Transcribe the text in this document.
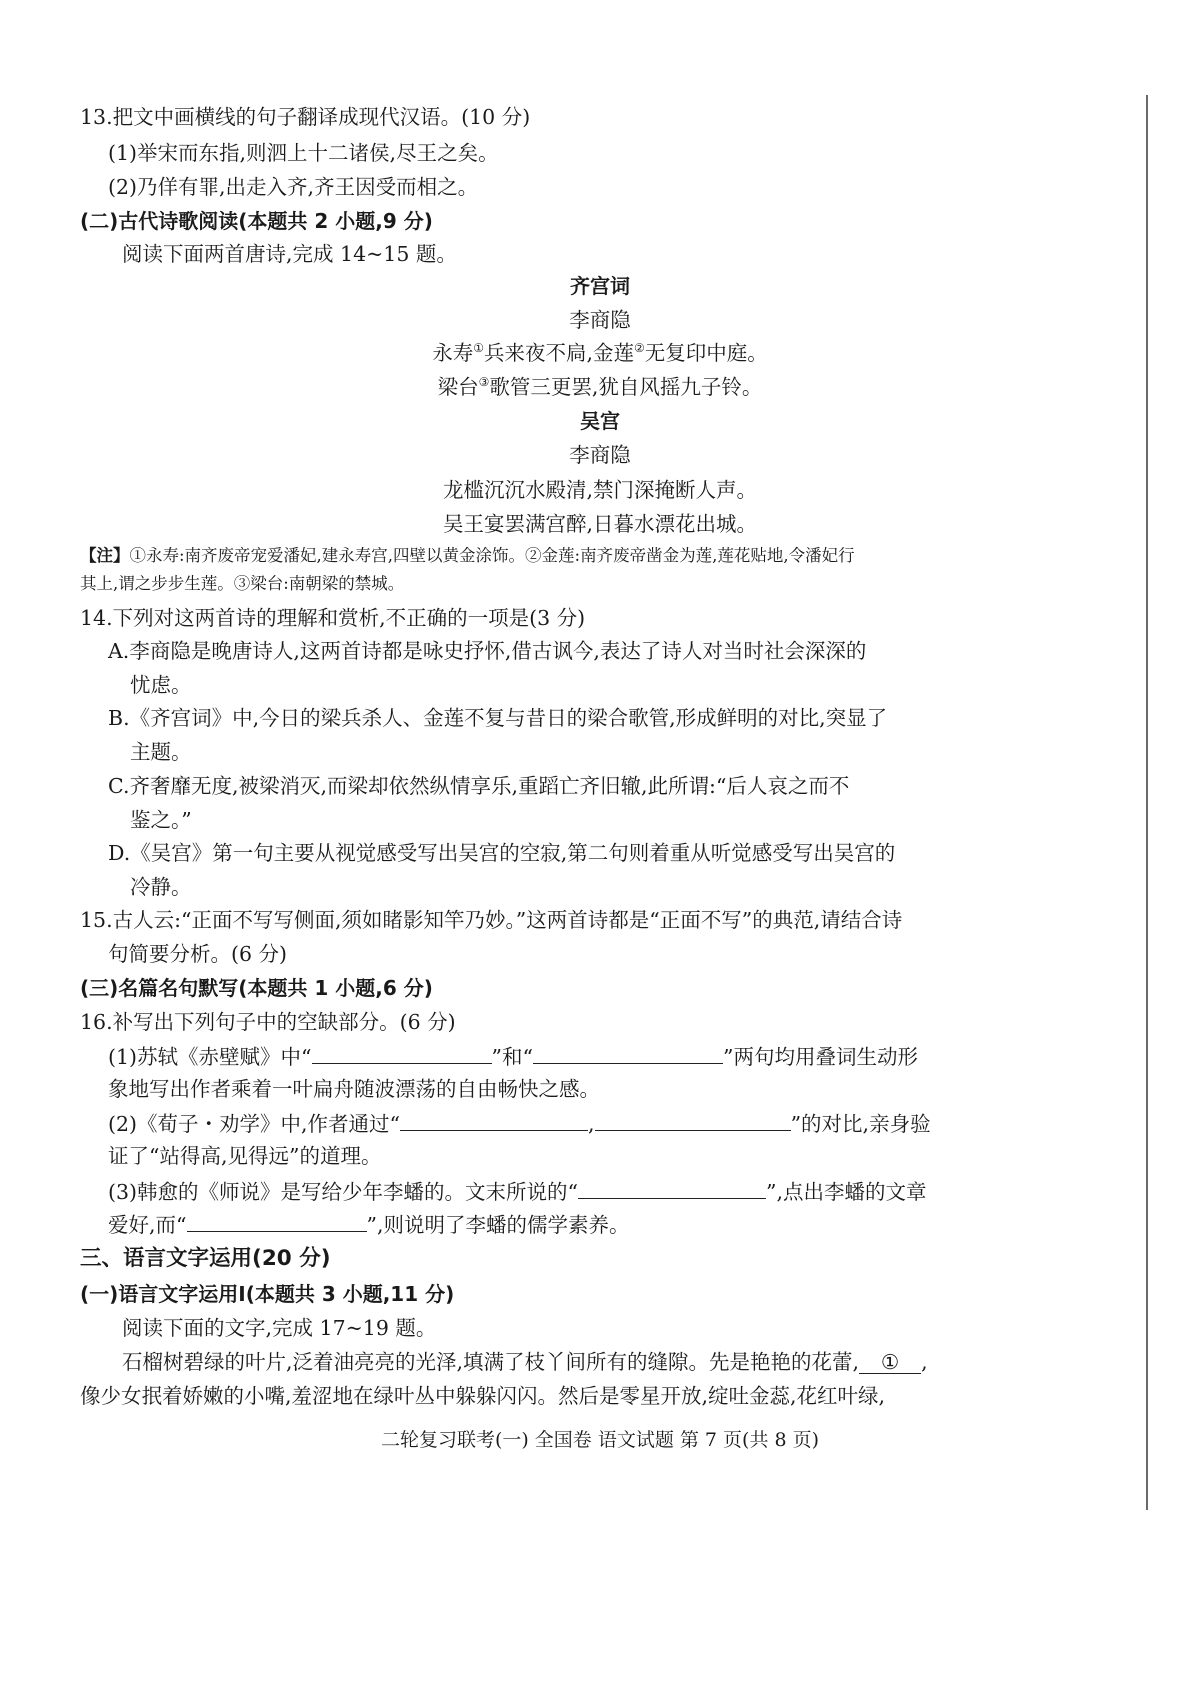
13.把文中画横线的句子翻译成现代汉语。(10 分)
(1)举宋而东指,则泗上十二诸侯,尽王之矣。
(2)乃佯有罪,出走入齐,齐王因受而相之。
(二)古代诗歌阅读(本题共 2 小题,9 分)
阅读下面两首唐诗,完成 14~15 题。
齐宫词
李商隐
永寿①兵来夜不扃,金莲②无复印中庭。
梁台③歌管三更罢,犹自风摇九子铃。
吴宫
李商隐
龙槛沉沉水殿清,禁门深掩断人声。
吴王宴罢满宫醉,日暮水漂花出城。
【注】①永寿:南齐废帝宠爱潘妃,建永寿宫,四壁以黄金涂饰。②金莲:南齐废帝凿金为莲,莲花贴地,令潘妃行
其上,谓之步步生莲。③梁台:南朝梁的禁城。
14.下列对这两首诗的理解和赏析,不正确的一项是(3 分)
A.李商隐是晚唐诗人,这两首诗都是咏史抒怀,借古讽今,表达了诗人对当时社会深深的
忧虑。
B.《齐宫词》中,今日的梁兵杀人、金莲不复与昔日的梁合歌管,形成鲜明的对比,突显了
主题。
C.齐奢靡无度,被梁消灭,而梁却依然纵情享乐,重蹈亡齐旧辙,此所谓:“后人哀之而不
鉴之。”
D.《吴宫》第一句主要从视觉感受写出吴宫的空寂,第二句则着重从听觉感受写出吴宫的
冷静。
15.古人云:“正面不写写侧面,须如睹影知竿乃妙。”这两首诗都是“正面不写”的典范,请结合诗
句简要分析。(6 分)
(三)名篇名句默写(本题共 1 小题,6 分)
16.补写出下列句子中的空缺部分。(6 分)
(1)苏轼《赤壁赋》中“	”和“	”两句均用叠词生动形
象地写出作者乘着一叶扁舟随波漂荡的自由畅快之感。
(2)《荀子・劝学》中,作者通过“	,	”的对比,亲身验
证了“站得高,见得远”的道理。
(3)韩愈的《师说》是写给少年李蟠的。文末所说的“	”,点出李蟠的文章
爱好,而“	”,则说明了李蟠的儒学素养。
三、语言文字运用(20 分)
(一)语言文字运用Ⅰ(本题共 3 小题,11 分)
阅读下面的文字,完成 17~19 题。
石榴树碧绿的叶片,泛着油亮亮的光泽,填满了枝丫间所有的缝隙。先是艳艳的花蕾, ① ,
像少女抿着娇嫩的小嘴,羞涩地在绿叶丛中躲躲闪闪。然后是零星开放,绽吐金蕊,花红叶绿,
二轮复习联考(一) 全国卷 语文试题 第 7 页(共 8 页)
